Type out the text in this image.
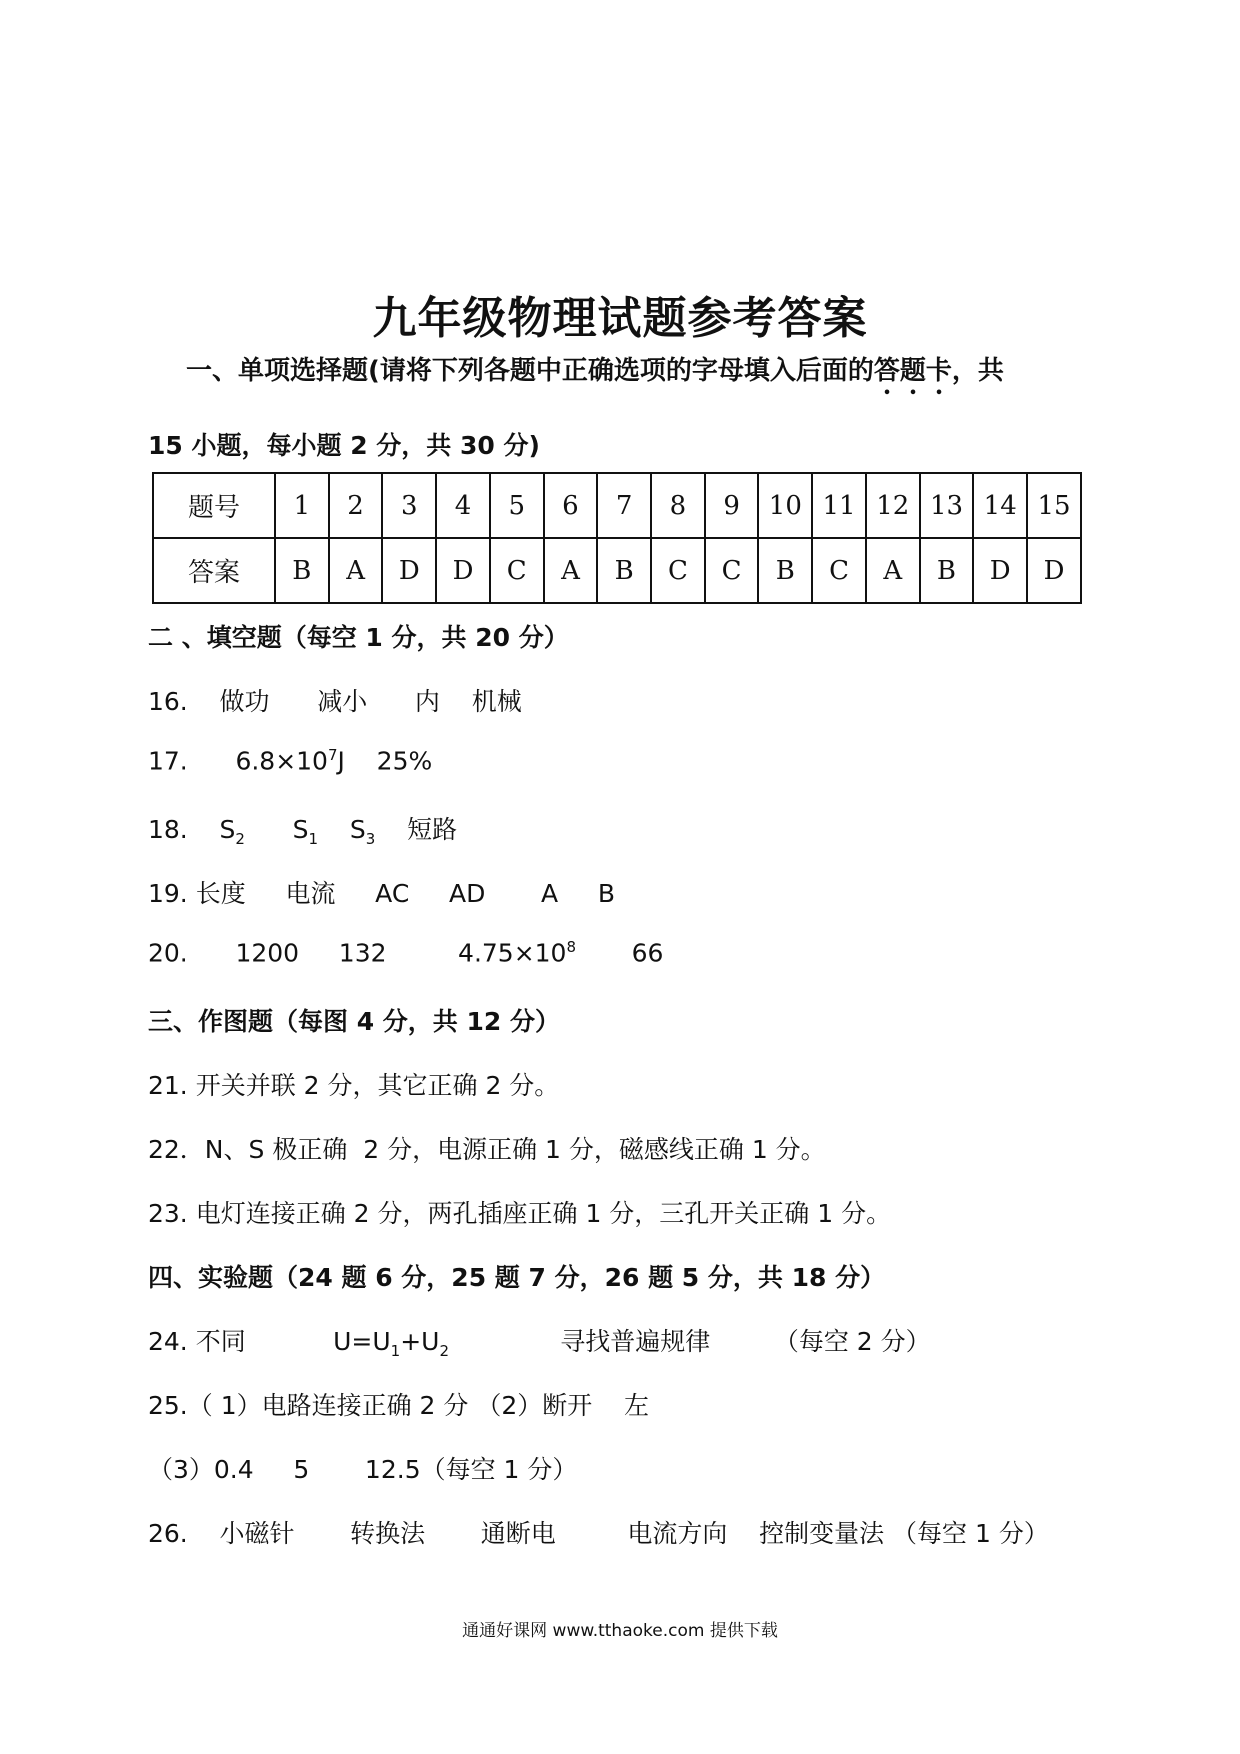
九年级物理试题参考答案
一、单项选择题(请将下列各题中正确选项的字母填入后面的答题卡，共
15 小题，每小题 2 分，共 30 分)
题号	1	2	3	4	5	6	7	8	9	10	11	12	13	14	15
答案	B	A	D	D	C	A	B	C	C	B	C	A	B	D	D
二 、填空题（每空 1 分，共 20 分）
16.    做功      减小      内    机械
17.      $6.8\times 10^7J$    25%
18.    $S_2$      $S_1$    $S_3$    短路
19. 长度     电流     AC     AD       A     B
20.      1200     132         $4.75\times 10^8$       66
三、作图题（每图 4 分，共 12 分）
21. 开关并联 2 分，其它正确 2 分。
22．N、S 极正确  2 分，电源正确 1 分，磁感线正确 1 分。
23. 电灯连接正确 2 分，两孔插座正确 1 分，三孔开关正确 1 分。
四、实验题（24 题 6 分，25 题 7 分，26 题 5 分，共 18 分）
24. 不同           $U=U_1+U_2$              寻找普遍规律        （每空 2 分）
25.（ 1）电路连接正确 2 分 （2）断开    左
（3）0.4     5       12.5（每空 1 分）
26.    小磁针       转换法       通断电         电流方向    控制变量法 （每空 1 分）
通通好课网 www.tthaoke.com 提供下载
